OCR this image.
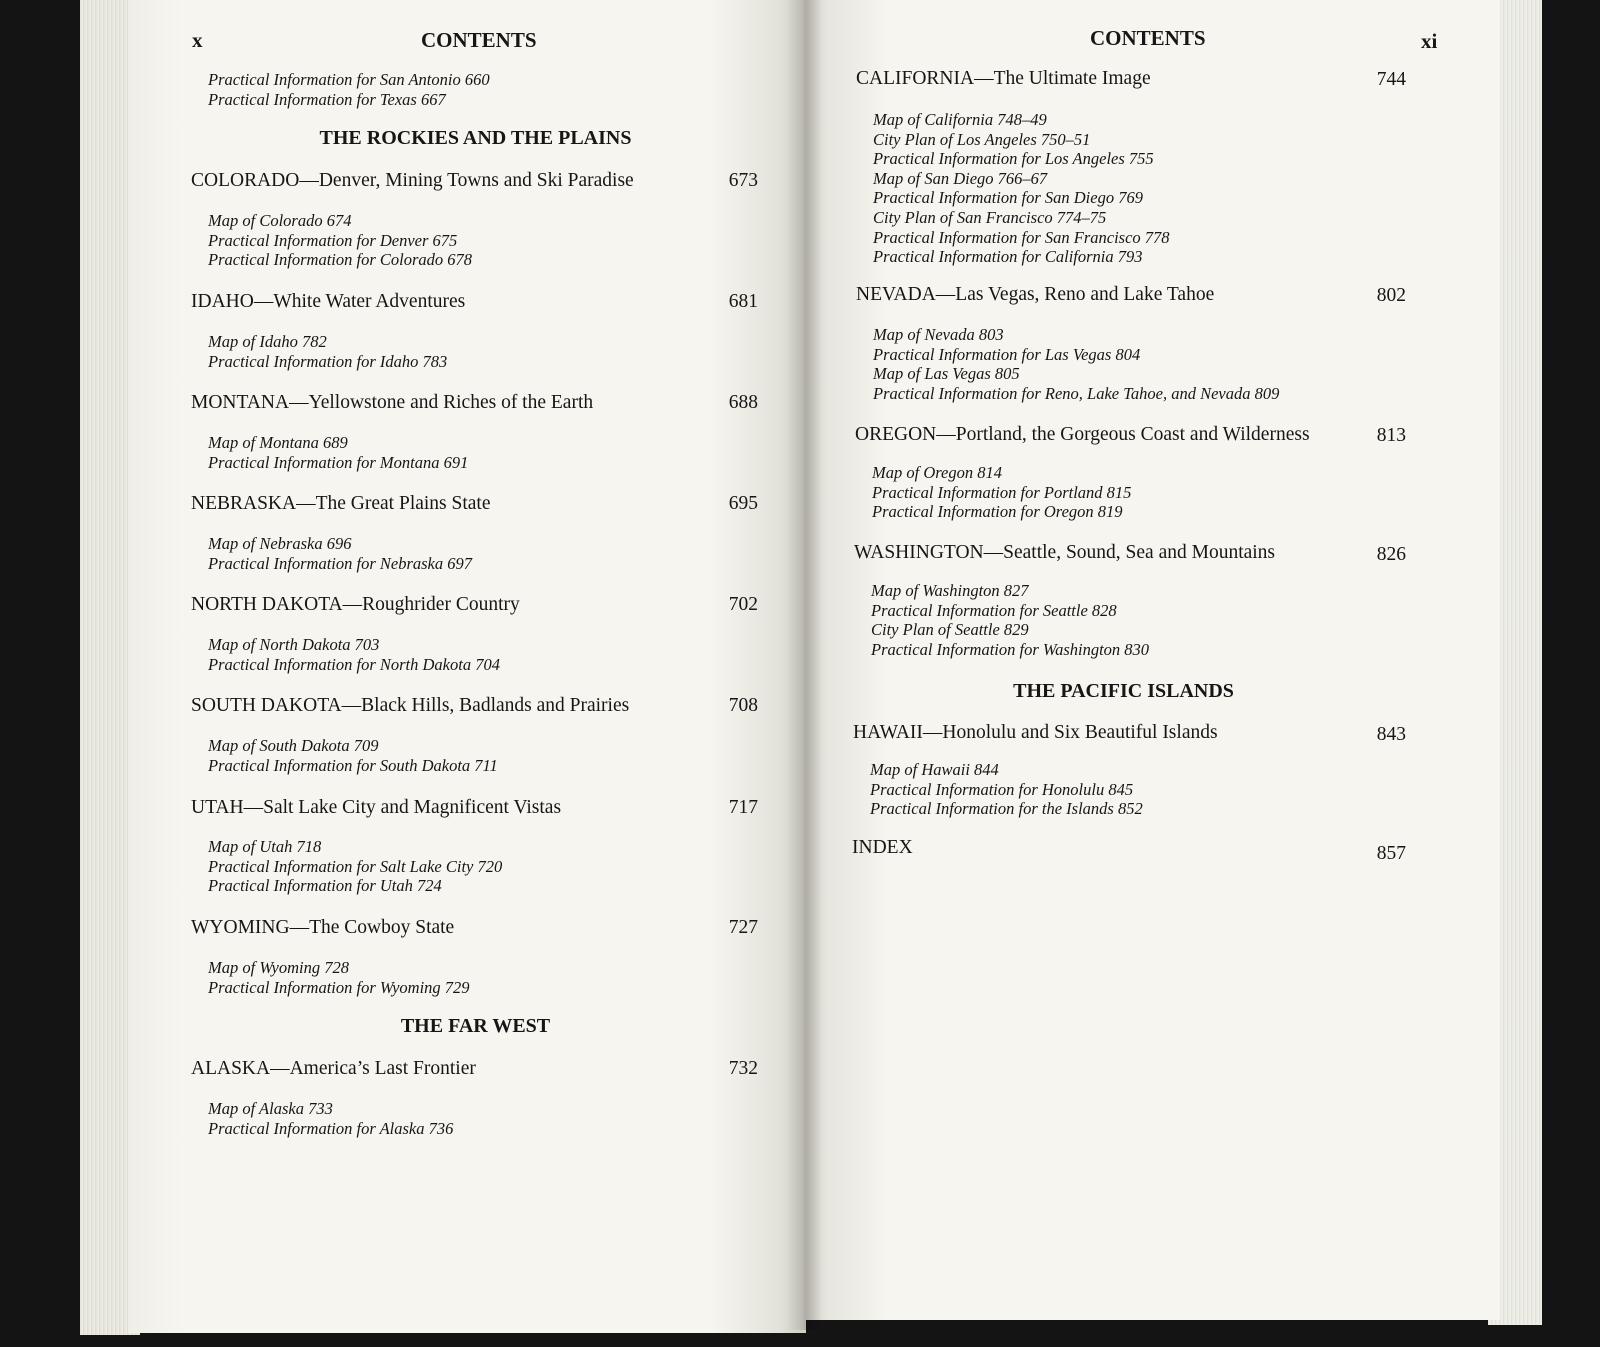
x	CONTENTS
Practical Information for San Antonio 660
Practical Information for Texas 667
THE ROCKIES AND THE PLAINS
COLORADO—Denver, Mining Towns and Ski Paradise	673
Map of Colorado 674
Practical Information for Denver 675
Practical Information for Colorado 678
IDAHO—White Water Adventures	681
Map of Idaho 782
Practical Information for Idaho 783
MONTANA—Yellowstone and Riches of the Earth	688
Map of Montana 689
Practical Information for Montana 691
NEBRASKA—The Great Plains State	695
Map of Nebraska 696
Practical Information for Nebraska 697
NORTH DAKOTA—Roughrider Country	702
Map of North Dakota 703
Practical Information for North Dakota 704
SOUTH DAKOTA—Black Hills, Badlands and Prairies	708
Map of South Dakota 709
Practical Information for South Dakota 711
UTAH—Salt Lake City and Magnificent Vistas	717
Map of Utah 718
Practical Information for Salt Lake City 720
Practical Information for Utah 724
WYOMING—The Cowboy State	727
Map of Wyoming 728
Practical Information for Wyoming 729
THE FAR WEST
ALASKA—America’s Last Frontier	732
Map of Alaska 733
Practical Information for Alaska 736
CONTENTS	xi
CALIFORNIA—The Ultimate Image	744
Map of California 748–49
City Plan of Los Angeles 750–51
Practical Information for Los Angeles 755
Map of San Diego 766–67
Practical Information for San Diego 769
City Plan of San Francisco 774–75
Practical Information for San Francisco 778
Practical Information for California 793
NEVADA—Las Vegas, Reno and Lake Tahoe	802
Map of Nevada 803
Practical Information for Las Vegas 804
Map of Las Vegas 805
Practical Information for Reno, Lake Tahoe, and Nevada 809
OREGON—Portland, the Gorgeous Coast and Wilderness	813
Map of Oregon 814
Practical Information for Portland 815
Practical Information for Oregon 819
WASHINGTON—Seattle, Sound, Sea and Mountains	826
Map of Washington 827
Practical Information for Seattle 828
City Plan of Seattle 829
Practical Information for Washington 830
THE PACIFIC ISLANDS
HAWAII—Honolulu and Six Beautiful Islands	843
Map of Hawaii 844
Practical Information for Honolulu 845
Practical Information for the Islands 852
INDEX	857
